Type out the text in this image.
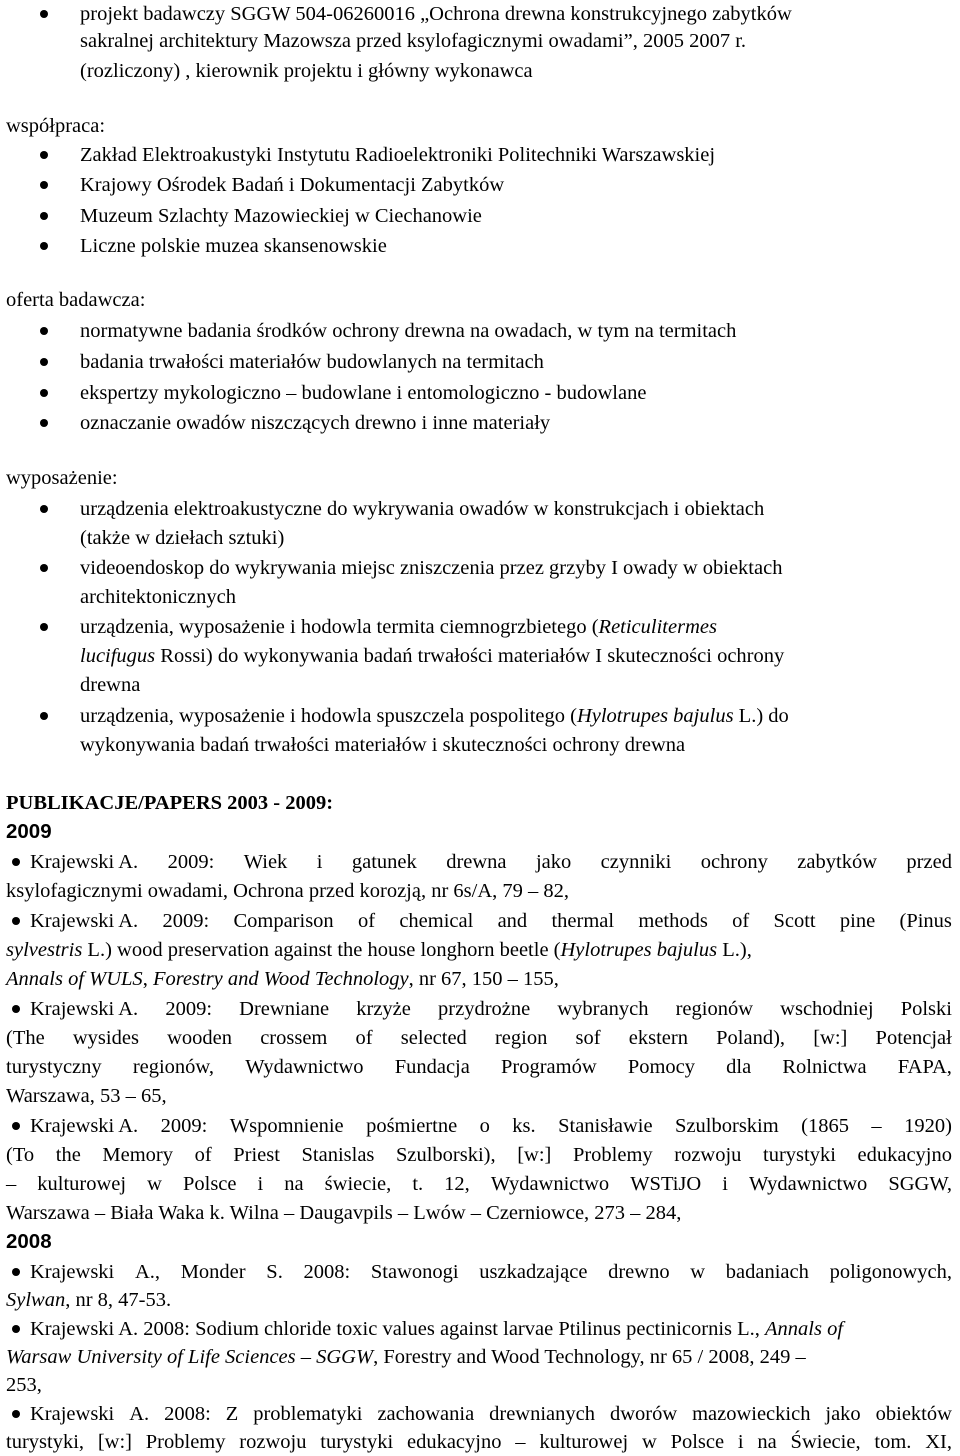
projekt badawczy SGGW 504-06260016 „Ochrona drewna konstrukcyjnego zabytków
sakralnej architektury Mazowsza przed ksylofagicznymi owadami”, 2005 2007 r.
(rozliczony) , kierownik projektu i główny wykonawca
współpraca:
Zakład Elektroakustyki Instytutu Radioelektroniki Politechniki Warszawskiej
Krajowy Ośrodek Badań i Dokumentacji Zabytków
Muzeum Szlachty Mazowieckiej w Ciechanowie
Liczne polskie muzea skansenowskie
oferta badawcza:
normatywne badania środków ochrony drewna na owadach, w tym na termitach
badania trwałości materiałów budowlanych na termitach
ekspertzy mykologiczno – budowlane i entomologiczno - budowlane
oznaczanie owadów niszczących drewno i inne materiały
wyposażenie:
urządzenia elektroakustyczne do wykrywania owadów w konstrukcjach i obiektach
(także w dziełach sztuki)
videoendoskop do wykrywania miejsc zniszczenia przez grzyby I owady w obiektach
architektonicznych
urządzenia, wyposażenie i hodowla termita ciemnogrzbietego (Reticulitermes
lucifugus Rossi) do wykonywania badań trwałości materiałów I skuteczności ochrony
drewna
urządzenia, wyposażenie i hodowla spuszczela pospolitego (Hylotrupes bajulus L.) do
wykonywania badań trwałości materiałów i skuteczności ochrony drewna
PUBLIKACJE/PAPERS 2003 - 2009:
2009
Krajewski A. 2009: Wiek i gatunek drewna jako czynniki ochrony zabytków przed
ksylofagicznymi owadami, Ochrona przed korozją, nr 6s/A, 79 – 82,
Krajewski A. 2009: Comparison of chemical and thermal methods of Scott pine (Pinus
sylvestris L.) wood preservation against the house longhorn beetle (Hylotrupes bajulus L.),
Annals of WULS, Forestry and Wood Technology, nr 67, 150 – 155,
Krajewski A. 2009: Drewniane krzyże przydrożne wybranych regionów wschodniej Polski
(The wysides wooden crossem of selected region sof ekstern Poland), [w:] Potencjał
turystyczny regionów, Wydawnictwo Fundacja Programów Pomocy dla Rolnictwa FAPA,
Warszawa, 53 – 65,
Krajewski A. 2009: Wspomnienie pośmiertne o ks. Stanisławie Szulborskim (1865 – 1920)
(To the Memory of Priest Stanislas Szulborski), [w:] Problemy rozwoju turystyki edukacyjno
– kulturowej w Polsce i na świecie, t. 12, Wydawnictwo WSTiJO i Wydawnictwo SGGW,
Warszawa – Biała Waka k. Wilna – Daugavpils – Lwów – Czerniowce, 273 – 284,
2008
Krajewski A., Monder S. 2008: Stawonogi uszkadzające drewno w badaniach poligonowych,
Sylwan, nr 8, 47-53.
Krajewski A. 2008: Sodium chloride toxic values against larvae Ptilinus pectinicornis L., Annals of
Warsaw University of Life Sciences – SGGW , Forestry and Wood Technology, nr 65 / 2008, 249 –
253,
Krajewski A. 2008: Z problematyki zachowania drewnianych dworów mazowieckich jako obiektów
turystyki, [w:] Problemy rozwoju turystyki edukacyjno – kulturowej w Polsce i na Świecie, tom. XI,
